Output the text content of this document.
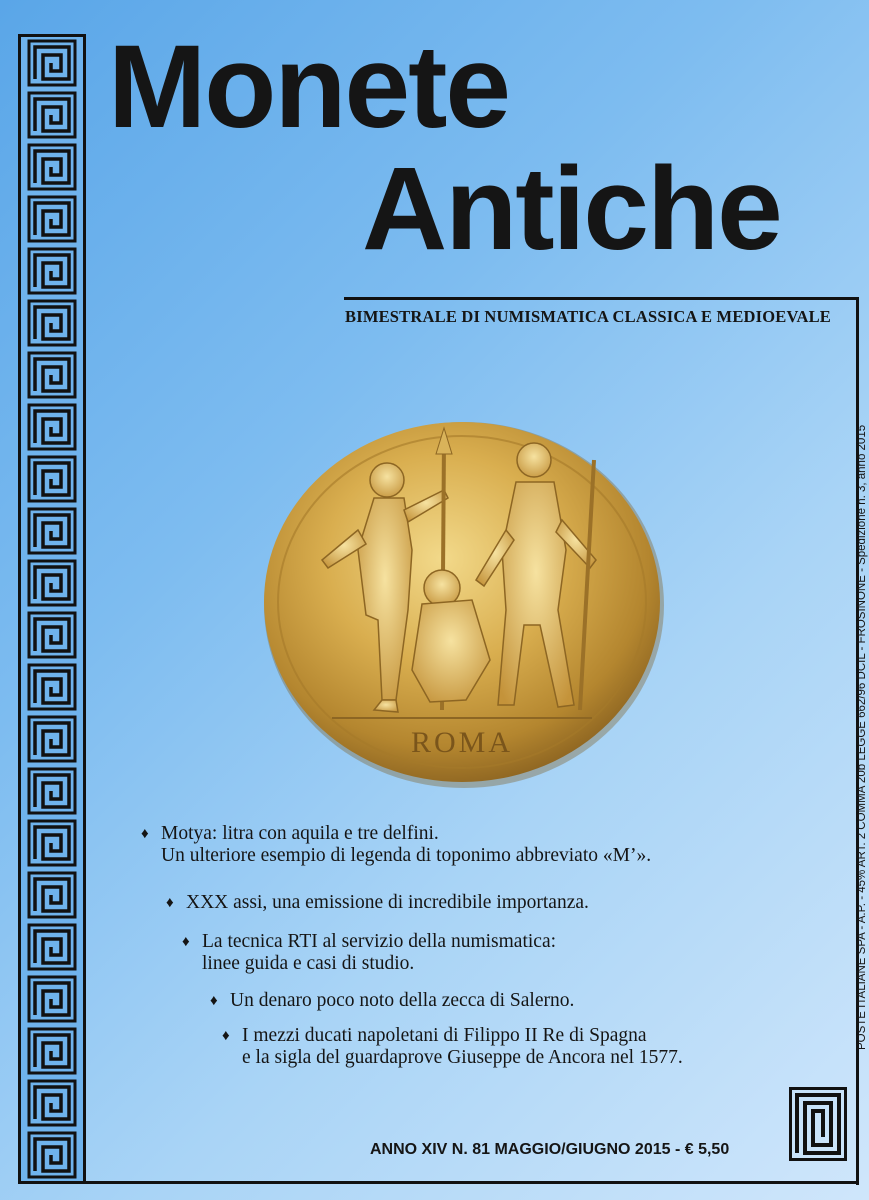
Monete
Antiche
BIMESTRALE DI NUMISMATICA CLASSICA E MEDIOEVALE
POSTE ITALIANE SPA - A.P. - 45% ART. 2 COMMA 20b LEGGE 662/96 DCIL - FROSINONE - Spedizione n. 3, anno 2015
ROMA
♦ Motya: litra con aquila e tre delfini.
Un ulteriore esempio di legenda di toponimo abbreviato «M’».
♦ XXX assi, una emissione di incredibile importanza.
♦ La tecnica RTI al servizio della numismatica:
linee guida e casi di studio.
♦ Un denaro poco noto della zecca di Salerno.
♦ I mezzi ducati napoletani di Filippo II Re di Spagna
e la sigla del guardaprove Giuseppe de Ancora nel 1577.
ANNO XIV N. 81 MAGGIO/GIUGNO 2015 - € 5,50
